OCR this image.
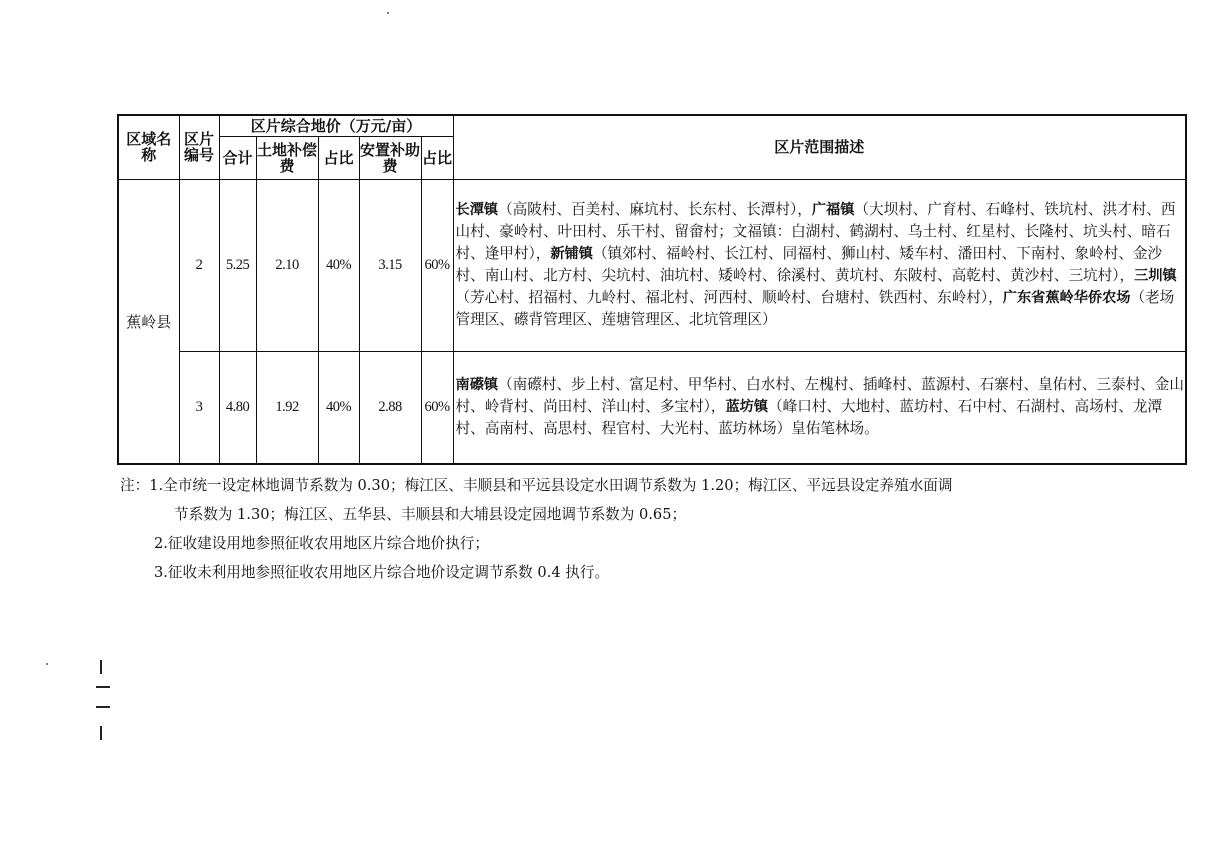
区域名称	区片编号	区片综合地价（万元/亩）					区片范围描述
		合计	土地补偿费	占比	安置补助费	占比	
蕉岭县	2	5.25	2.10	40%	3.15	60%	长潭镇（高陂村、百美村、麻坑村、长东村、长潭村），广福镇（大坝村、广育村、石峰村、铁坑村、洪才村、西山村、豪岭村、叶田村、乐干村、留畲村；文福镇：白湖村、鹤湖村、乌土村、红星村、长隆村、坑头村、暗石村、逢甲村），新铺镇（镇郊村、福岭村、长江村、同福村、狮山村、矮车村、潘田村、下南村、象岭村、金沙村、南山村、北方村、尖坑村、油坑村、矮岭村、徐溪村、黄坑村、东陂村、高乾村、黄沙村、三坑村），三圳镇（芳心村、招福村、九岭村、福北村、河西村、顺岭村、台塘村、铁西村、东岭村），广东省蕉岭华侨农场（老场管理区、礤背管理区、莲塘管理区、北坑管理区）
	3	4.80	1.92	40%	2.88	60%	南礤镇（南礤村、步上村、富足村、甲华村、白水村、左槐村、插峰村、蓝源村、石寨村、皇佑村、三泰村、金山村、岭背村、尚田村、洋山村、多宝村），蓝坊镇（峰口村、大地村、蓝坊村、石中村、石湖村、高场村、龙潭村、高南村、高思村、程官村、大光村、蓝坊林场）皇佑笔林场。
注：1.全市统一设定林地调节系数为 0.30；梅江区、丰顺县和平远县设定水田调节系数为 1.20；梅江区、平远县设定养殖水面调
节系数为 1.30；梅江区、五华县、丰顺县和大埔县设定园地调节系数为 0.65；
2.征收建设用地参照征收农用地区片综合地价执行；
3.征收未利用地参照征收农用地区片综合地价设定调节系数 0.4 执行。
